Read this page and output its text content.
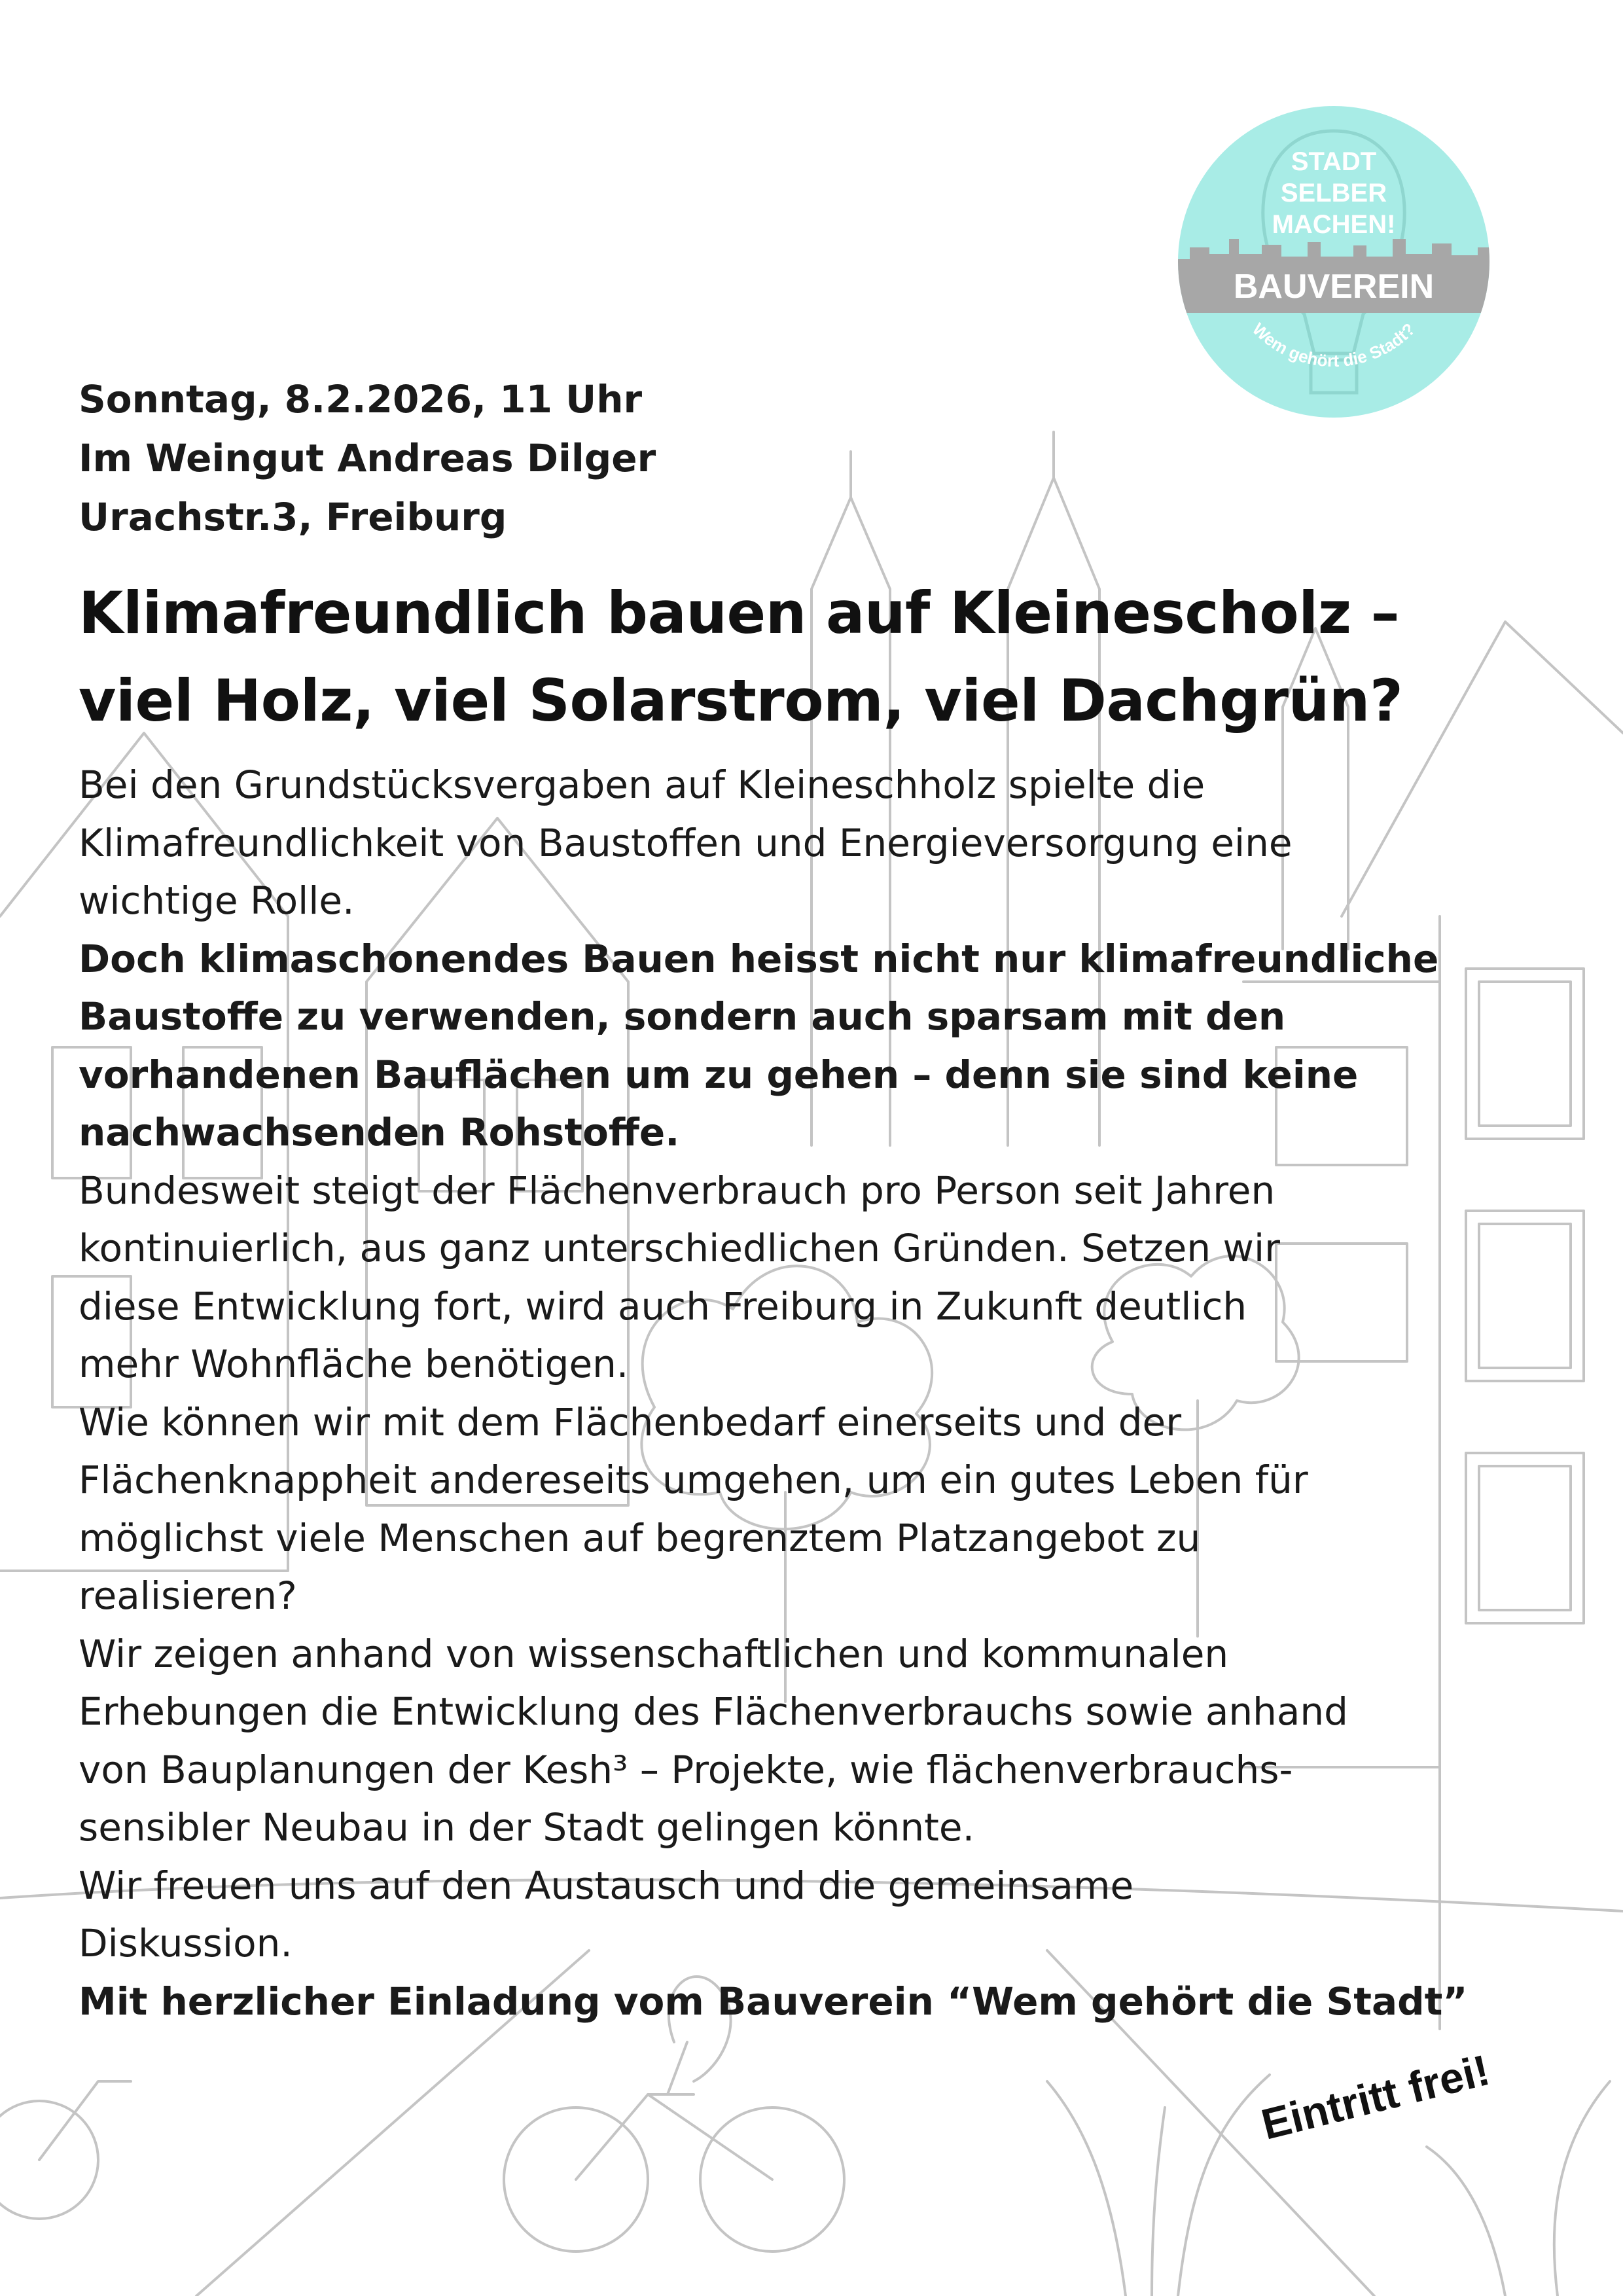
STADT
SELBER
MACHEN!
BAUVEREIN
Wem gehört die Stadt?
Sonntag, 8.2.2026, 11 Uhr
Im Weingut Andreas Dilger
Urachstr.3, Freiburg
Klimafreundlich bauen auf Kleinescholz –
viel Holz, viel Solarstrom, viel Dachgrün?

Bei den Grundstücksvergaben auf Kleineschholz spielte die
Klimafreundlichkeit von Baustoffen und Energieversorgung eine
wichtige Rolle.

Doch klimaschonendes Bauen heisst nicht nur klimafreundliche
Baustoffe zu verwenden, sondern auch sparsam mit den
vorhandenen Bauflächen um zu gehen – denn sie sind keine
nachwachsenden Rohstoffe.

Bundesweit steigt der Flächenverbrauch pro Person seit Jahren
kontinuierlich, aus ganz unterschiedlichen Gründen. Setzen wir
diese Entwicklung fort, wird auch Freiburg in Zukunft deutlich
mehr Wohnfläche benötigen.

Wie können wir mit dem Flächenbedarf einerseits und der
Flächenknappheit andereseits umgehen, um ein gutes Leben für
möglichst viele Menschen auf begrenztem Platzangebot zu
realisieren?

Wir zeigen anhand von wissenschaftlichen und kommunalen
Erhebungen die Entwicklung des Flächenverbrauchs sowie anhand
von Bauplanungen der Kesh³ – Projekte, wie flächenverbrauchs-
sensibler Neubau in der Stadt gelingen könnte.

Wir freuen uns auf den Austausch und die gemeinsame
Diskussion.

Mit herzlicher Einladung vom Bauverein “Wem gehört die Stadt”

Eintritt frei!
